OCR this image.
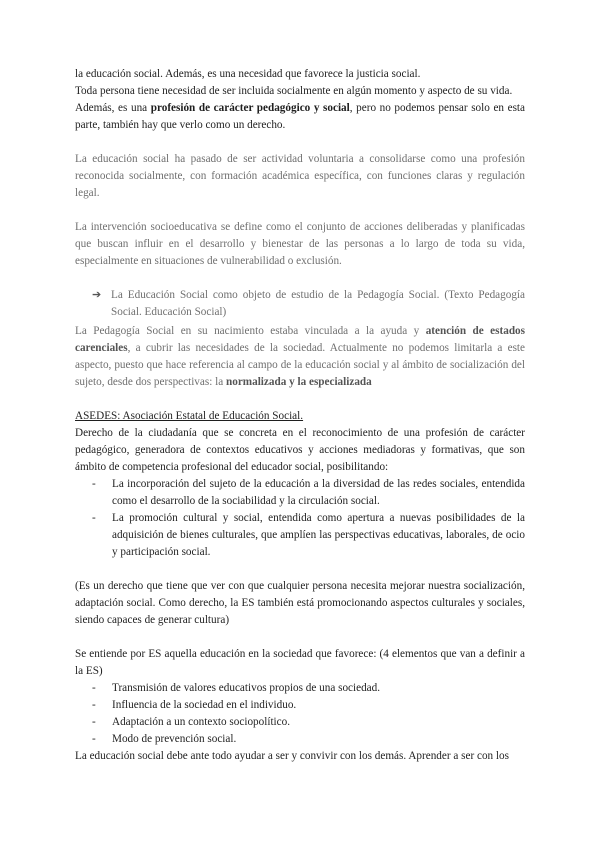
la educación social. Además, es una necesidad que favorece la justicia social.

Toda persona tiene necesidad de ser incluida socialmente en algún momento y aspecto de su vida.

Además, es una profesión de carácter pedagógico y social, pero no podemos pensar solo en esta parte, también hay que verlo como un derecho.

La educación social ha pasado de ser actividad voluntaria a consolidarse como una profesión reconocida socialmente, con formación académica específica, con funciones claras y regulación legal.

La intervención socioeducativa se define como el conjunto de acciones deliberadas y planificadas que buscan influir en el desarrollo y bienestar de las personas a lo largo de toda su vida, especialmente en situaciones de vulnerabilidad o exclusión.

➔ La Educación Social como objeto de estudio de la Pedagogía Social. (Texto Pedagogía Social. Educación Social)

La Pedagogía Social en su nacimiento estaba vinculada a la ayuda y atención de estados carenciales, a cubrir las necesidades de la sociedad. Actualmente no podemos limitarla a este aspecto, puesto que hace referencia al campo de la educación social y al ámbito de socialización del sujeto, desde dos perspectivas: la normalizada y la especializada

ASEDES: Asociación Estatal de Educación Social.

Derecho de la ciudadanía que se concreta en el reconocimiento de una profesión de carácter pedagógico, generadora de contextos educativos y acciones mediadoras y formativas, que son ámbito de competencia profesional del educador social, posibilitando:

- La incorporación del sujeto de la educación a la diversidad de las redes sociales, entendida como el desarrollo de la sociabilidad y la circulación social.
- La promoción cultural y social, entendida como apertura a nuevas posibilidades de la adquisición de bienes culturales, que amplíen las perspectivas educativas, laborales, de ocio y participación social.

(Es un derecho que tiene que ver con que cualquier persona necesita mejorar nuestra socialización, adaptación social. Como derecho, la ES también está promocionando aspectos culturales y sociales, siendo capaces de generar cultura)

Se entiende por ES aquella educación en la sociedad que favorece: (4 elementos que van a definir a la ES)

- Transmisión de valores educativos propios de una sociedad.
- Influencia de la sociedad en el individuo.
- Adaptación a un contexto sociopolítico.
- Modo de prevención social.

La educación social debe ante todo ayudar a ser y convivir con los demás. Aprender a ser con los
